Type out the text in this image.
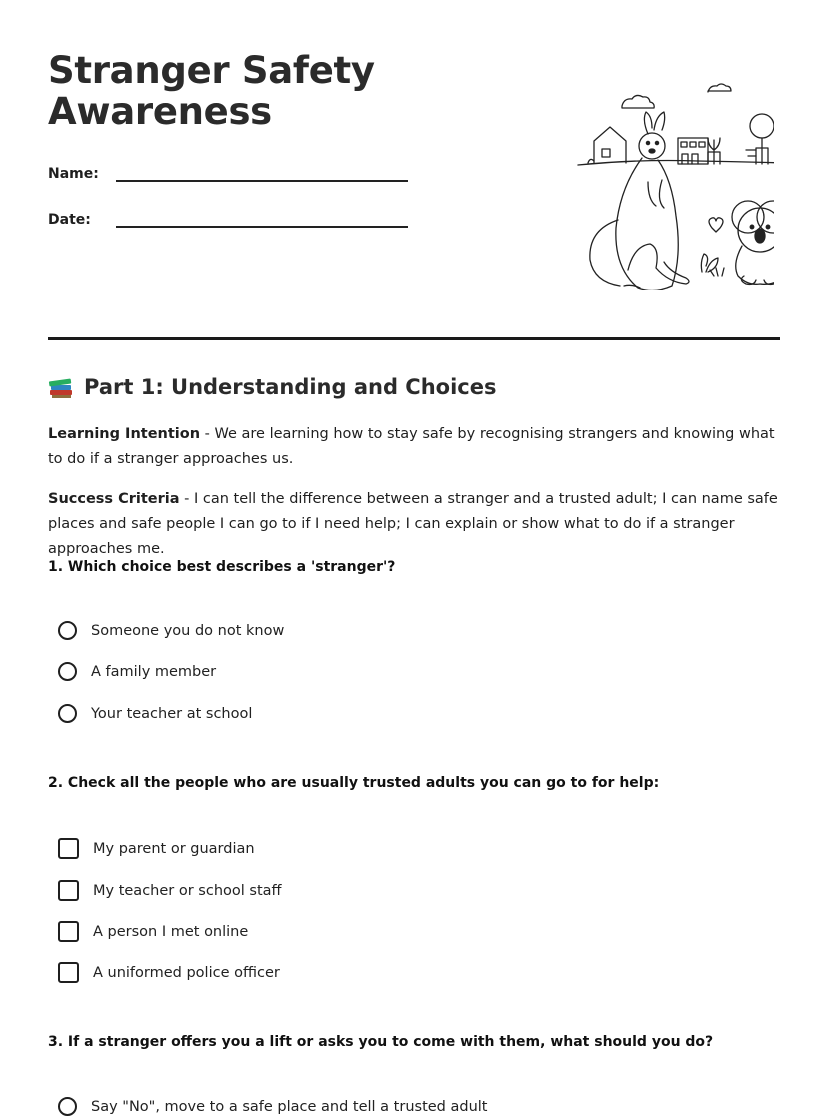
Stranger Safety
Awareness
Name:
Date:
Part 1: Understanding and Choices

Learning Intention - We are learning how to stay safe by recognising strangers and knowing what to do if a stranger approaches us.

Success Criteria - I can tell the difference between a stranger and a trusted adult; I can name safe places and safe people I can go to if I need help; I can explain or show what to do if a stranger approaches me.

1. Which choice best describes a 'stranger'?

Someone you do not know
A family member
Your teacher at school

2. Check all the people who are usually trusted adults you can go to for help:

My parent or guardian
My teacher or school staff
A person I met online
A uniformed police officer

3. If a stranger offers you a lift or asks you to come with them, what should you do?

Say "No", move to a safe place and tell a trusted adult
